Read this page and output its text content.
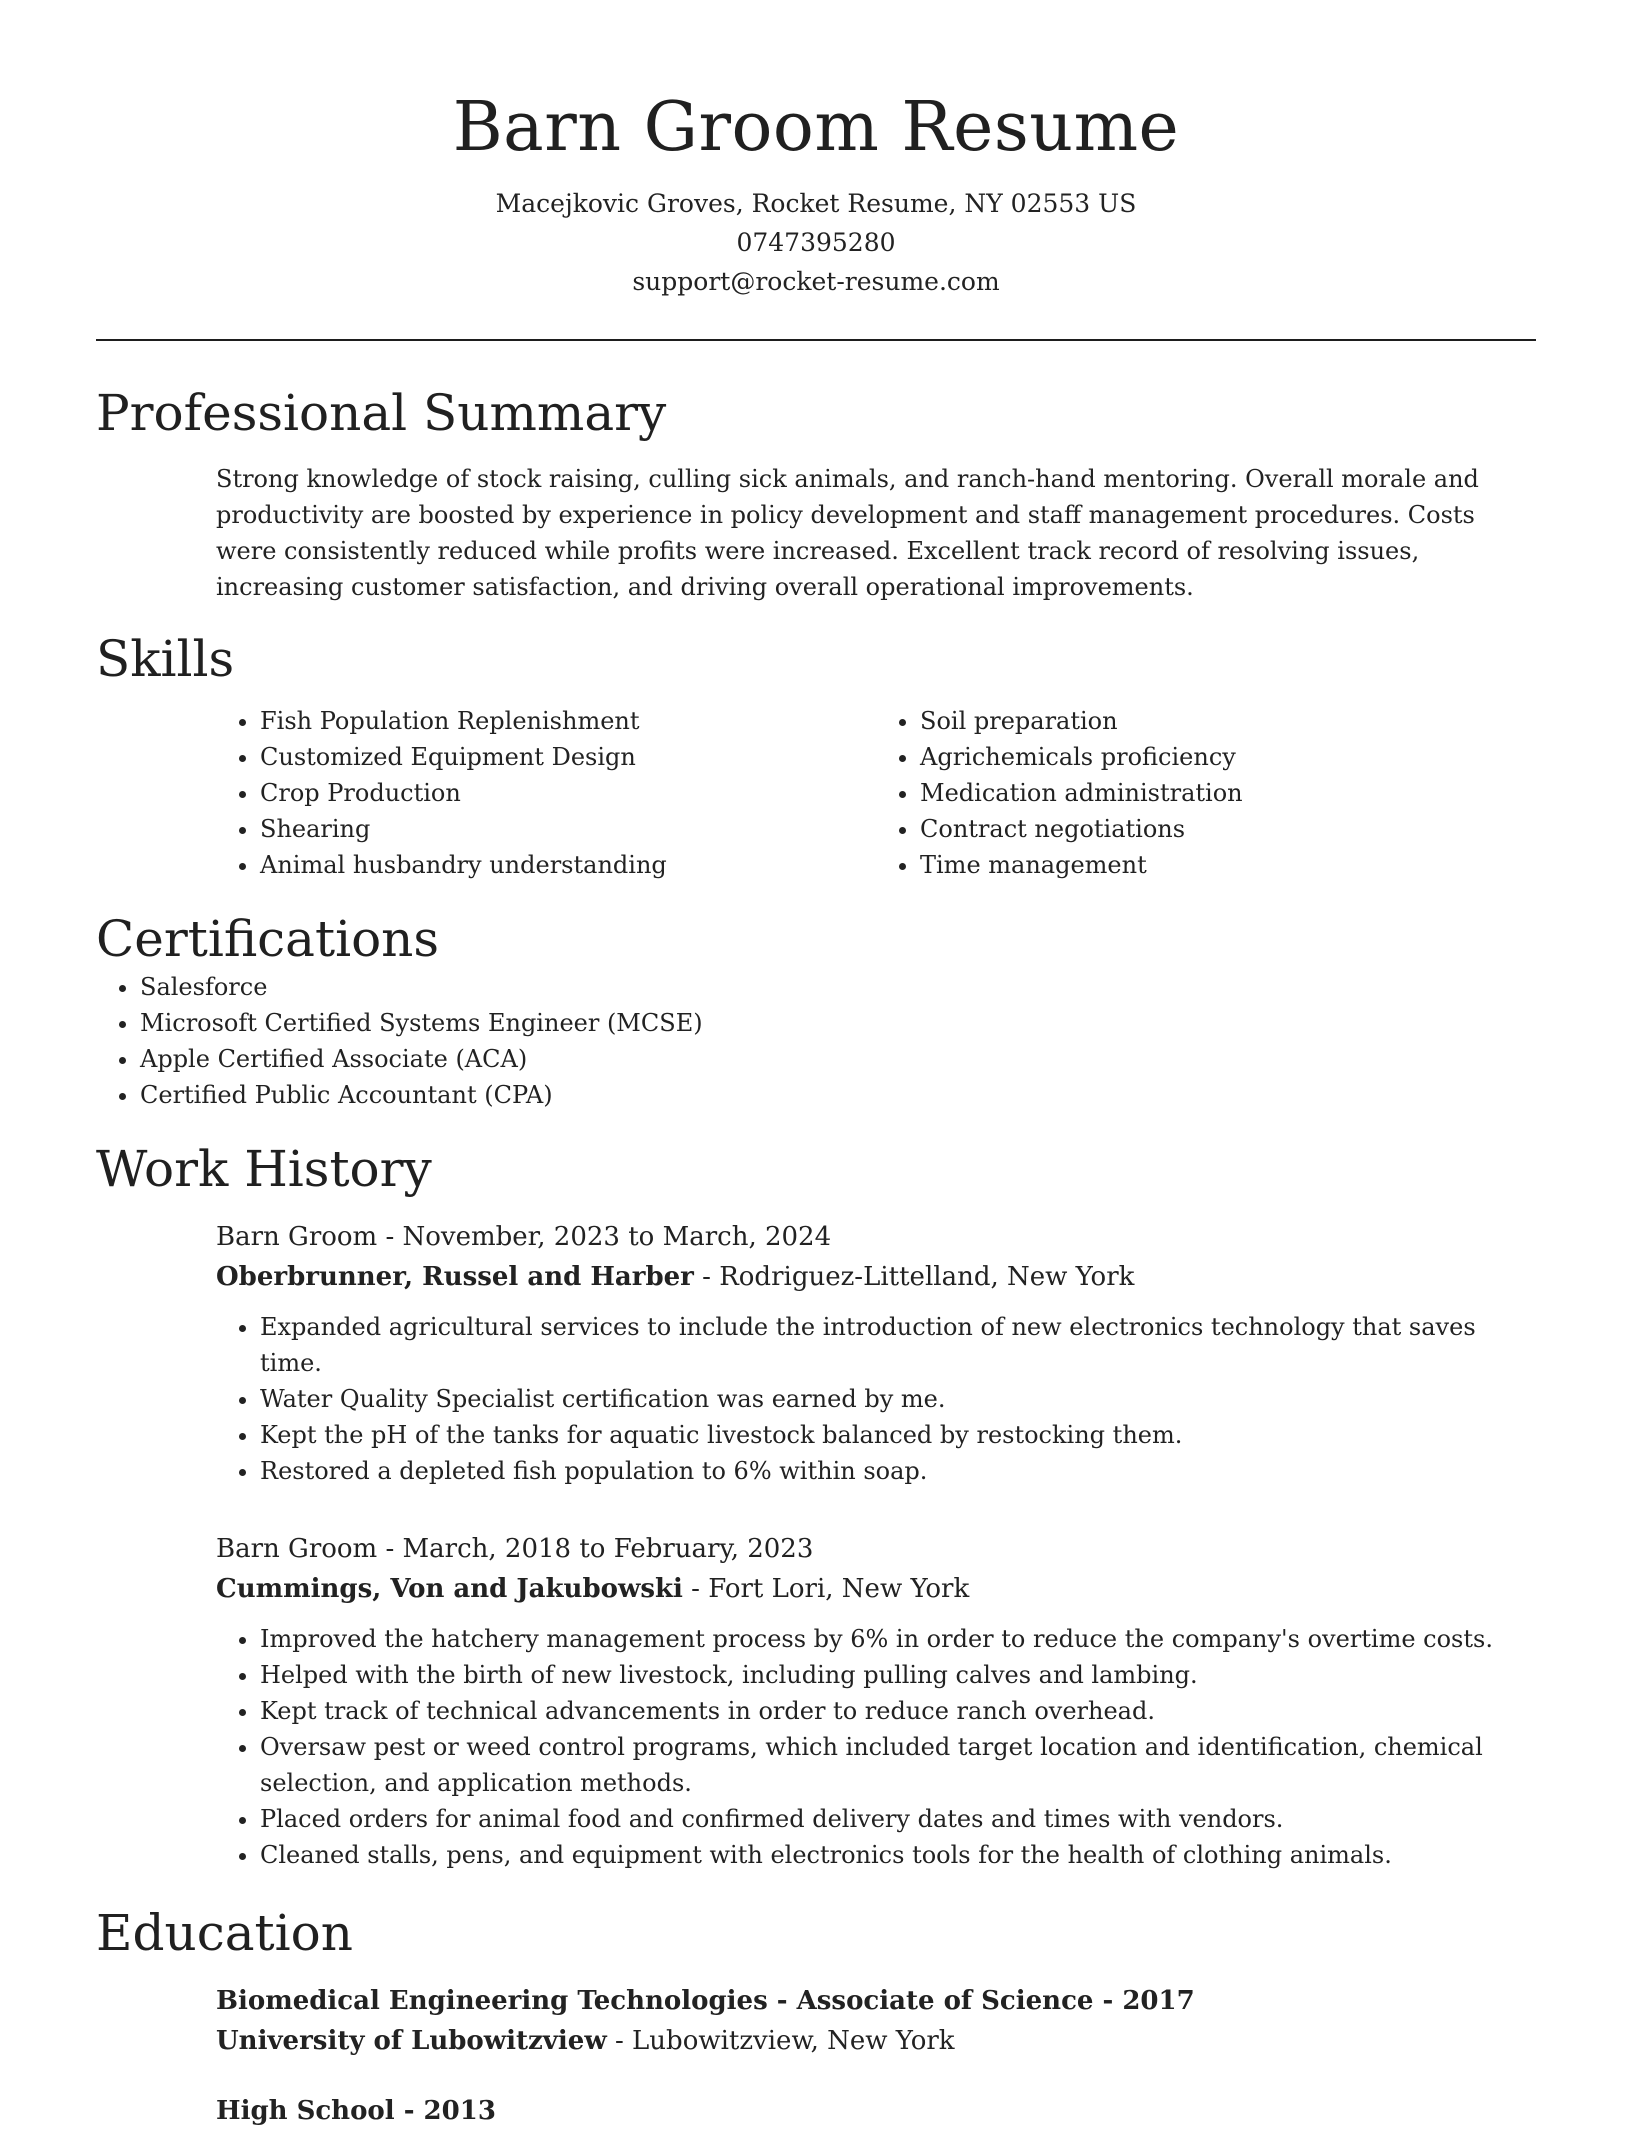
Barn Groom Resume
Macejkovic Groves, Rocket Resume, NY 02553 US
0747395280
support@rocket-resume.com
Professional Summary
Strong knowledge of stock raising, culling sick animals, and ranch-hand mentoring. Overall morale and productivity are boosted by experience in policy development and staff management procedures. Costs were consistently reduced while profits were increased. Excellent track record of resolving issues, increasing customer satisfaction, and driving overall operational improvements.
Skills
• Fish Population Replenishment
• Customized Equipment Design
• Crop Production
• Shearing
• Animal husbandry understanding
• Soil preparation
• Agrichemicals proficiency
• Medication administration
• Contract negotiations
• Time management
Certifications
• Salesforce
• Microsoft Certified Systems Engineer (MCSE)
• Apple Certified Associate (ACA)
• Certified Public Accountant (CPA)
Work History
Barn Groom - November, 2023 to March, 2024
Oberbrunner, Russel and Harber - Rodriguez-Littelland, New York
• Expanded agricultural services to include the introduction of new electronics technology that saves time.
• Water Quality Specialist certification was earned by me.
• Kept the pH of the tanks for aquatic livestock balanced by restocking them.
• Restored a depleted fish population to 6% within soap.
Barn Groom - March, 2018 to February, 2023
Cummings, Von and Jakubowski - Fort Lori, New York
• Improved the hatchery management process by 6% in order to reduce the company's overtime costs.
• Helped with the birth of new livestock, including pulling calves and lambing.
• Kept track of technical advancements in order to reduce ranch overhead.
• Oversaw pest or weed control programs, which included target location and identification, chemical selection, and application methods.
• Placed orders for animal food and confirmed delivery dates and times with vendors.
• Cleaned stalls, pens, and equipment with electronics tools for the health of clothing animals.
Education
Biomedical Engineering Technologies - Associate of Science - 2017
University of Lubowitzview - Lubowitzview, New York
High School - 2013
